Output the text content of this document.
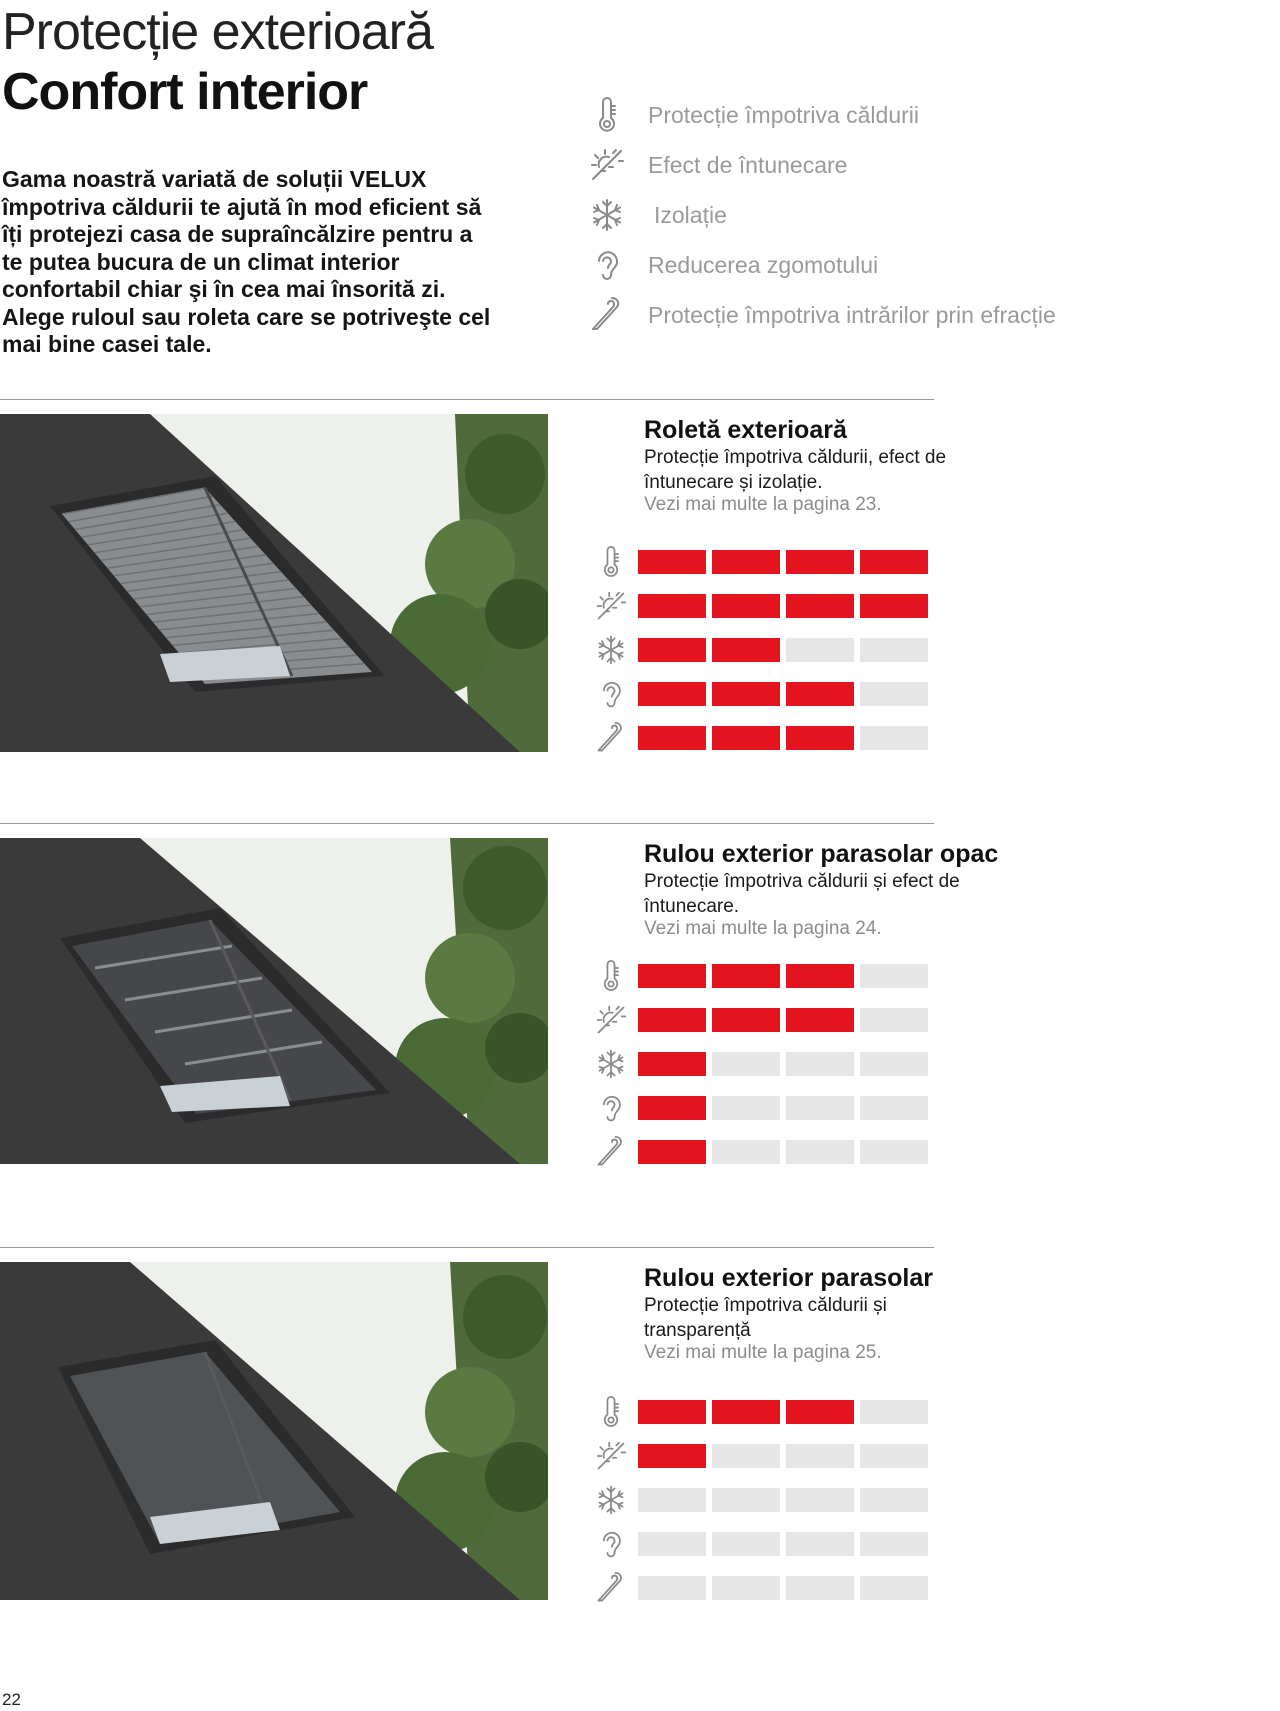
Protecție exterioară
Confort interior

Gama noastră variată de soluții VELUX împotriva căldurii te ajută în mod eficient să îți protejezi casa de supraîncălzire pentru a te putea bucura de un climat interior confortabil chiar şi în cea mai însorită zi. Alege ruloul sau roleta care se potriveşte cel mai bine casei tale.

Protecție împotriva căldurii
Efect de întunecare
Izolație
Reducerea zgomotului
Protecție împotriva intrărilor prin efracție
Roletă exterioară

Protecție împotriva căldurii, efect de întunecare și izolație.

Vezi mai multe la pagina 23.

Rulou exterior parasolar opac

Protecție împotriva căldurii și efect de întunecare.

Vezi mai multe la pagina 24.

Rulou exterior parasolar

Protecție împotriva căldurii și transparență

Vezi mai multe la pagina 25.

22
